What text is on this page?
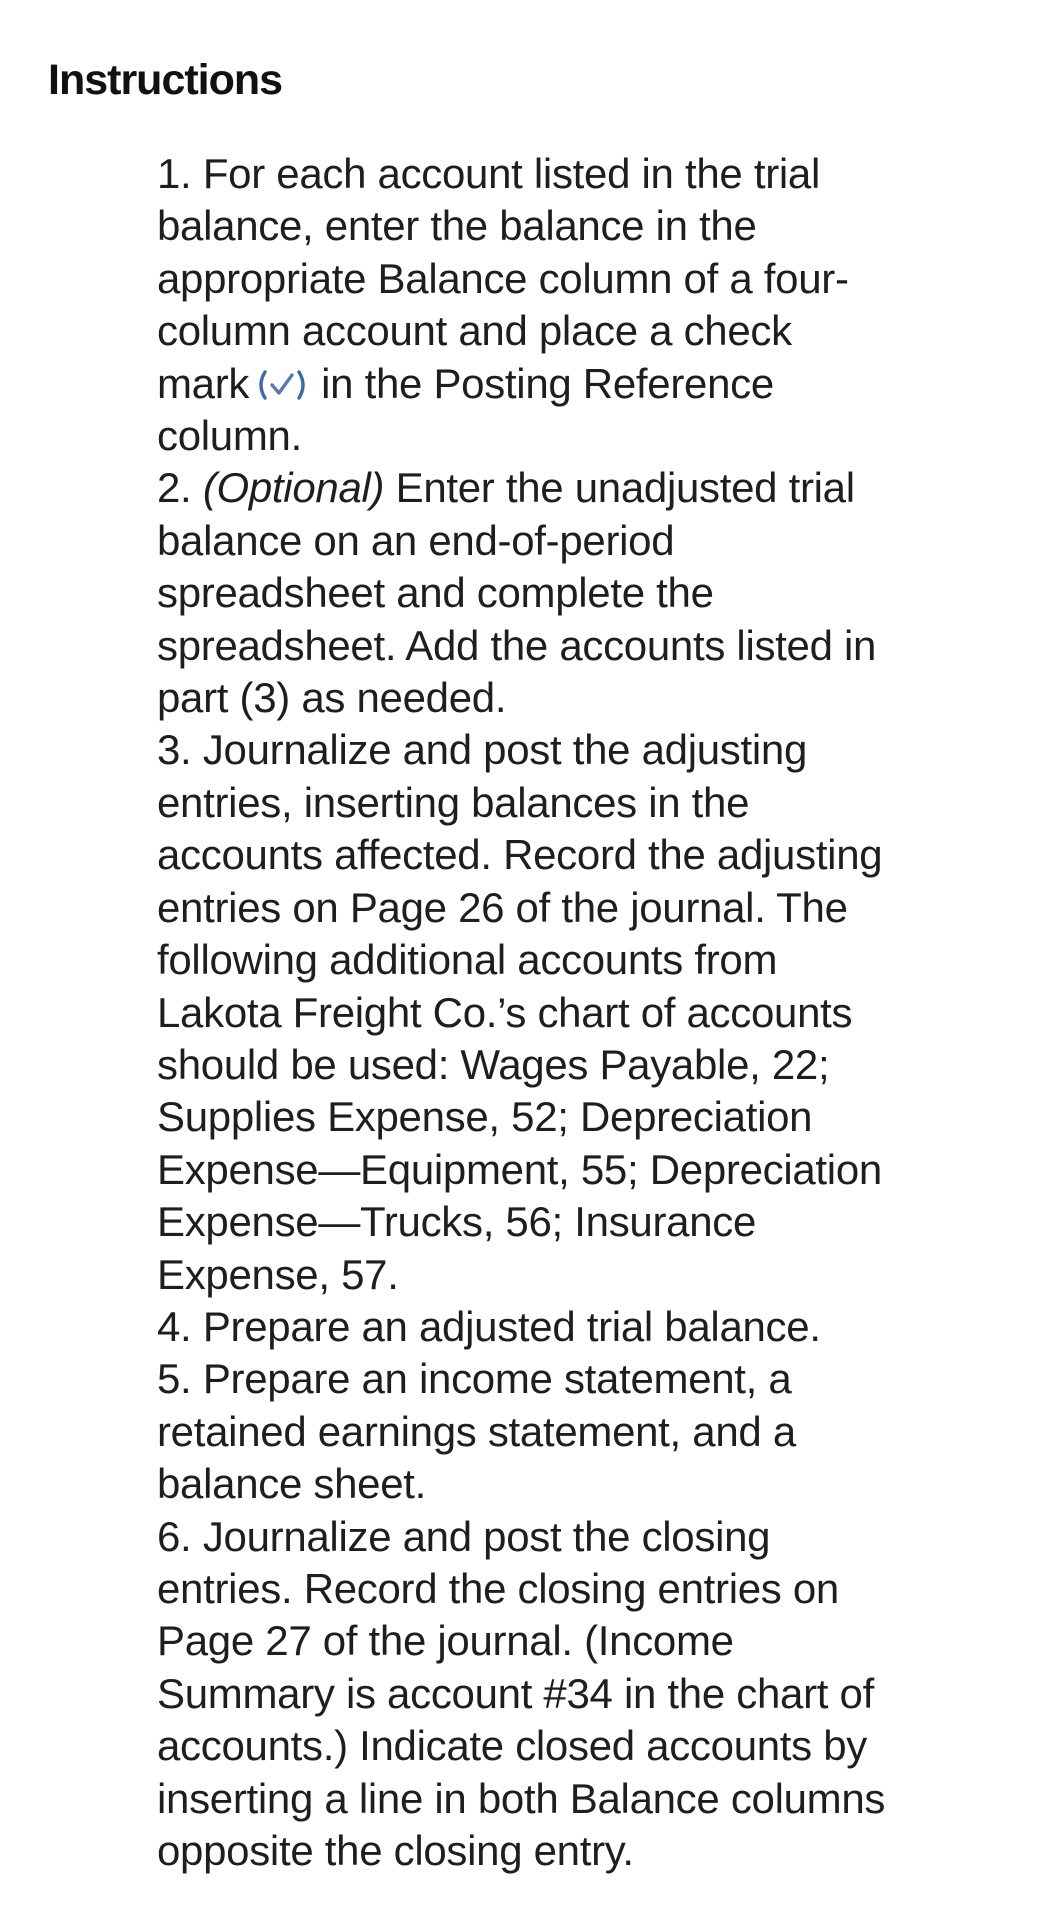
Instructions
1. For each account listed in the trial balance, enter the balance in the appropriate Balance column of a four-column account and place a check mark in the Posting Reference column.
2. (Optional) Enter the unadjusted trial balance on an end-of-period spreadsheet and complete the spreadsheet. Add the accounts listed in part (3) as needed.
3. Journalize and post the adjusting entries, inserting balances in the accounts affected. Record the adjusting entries on Page 26 of the journal. The following additional accounts from Lakota Freight Co.’s chart of accounts should be used: Wages Payable, 22; Supplies Expense, 52; Depreciation Expense—Equipment, 55; Depreciation Expense—Trucks, 56; Insurance Expense, 57.
4. Prepare an adjusted trial balance.
5. Prepare an income statement, a retained earnings statement, and a balance sheet.
6. Journalize and post the closing entries. Record the closing entries on Page 27 of the journal. (Income Summary is account #34 in the chart of accounts.) Indicate closed accounts by inserting a line in both Balance columns opposite the closing entry.
